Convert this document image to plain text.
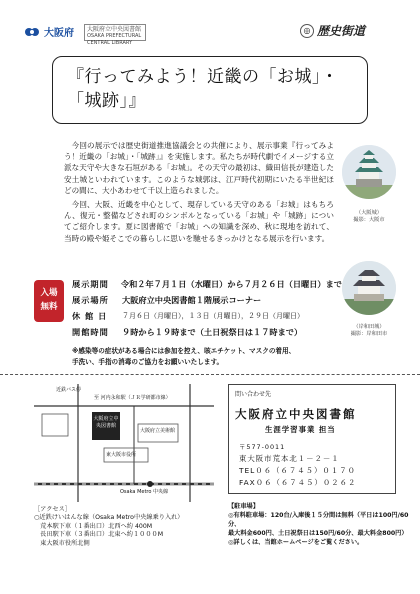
大阪府 大阪府立中央図書館
OSAKA PREFECTURAL CENTRAL LIBRARY
◎ 歴史街道
『行ってみよう！近畿の「お城」・
「城跡」』

今回の展示では歴史街道推進協議会との共催により、展示事業『行ってみよう！近畿の「お城」・「城跡」』を実施します。私たちが時代劇でイメージする立派な天守や大きな石垣がある「お城」。その天守の最初は、織田信長が建造した安土城といわれています。このような城郭は、江戸時代初期にいたる半世紀ほどの間に、大小あわせて千以上造られました。

今回、大阪、近畿を中心として、現存している天守のある「お城」はもちろん、復元・整備などされ町のシンボルとなっている「お城」や「城跡」についてご紹介します。夏に図書館で「お城」への知識を深め、秋に現地を訪れて、当時の殿や姫そこでの暮らしに思いを馳せるきっかけとなる展示を行います。

（大阪城）
撮影：大阪市
（岸和田城）
撮影：岸和田市
入場
無料
展示期間	令和２年７月１日（水曜日）から７月２６日（日曜日）まで
展示場所	大阪府立中央図書館１階展示コーナー
休 館 日	７月６日（月曜日），１３日（月曜日），２９日（月曜日）
開館時間	９時から１９時まで（土日祝祭日は１７時まで）
※感染等の症状がある場合には参加を控え、咳エチケット、マスクの着用、
手洗い、手指の消毒のご協力をお願いいたします。
近鉄バス停
至 河内永和駅（ＪＲ学研都市線）
大阪府立中央図書館
大阪府立美術館
東大阪市役所
Osaka Metro 中央線
［アクセス］
○近鉄けいはんな線（Osaka Metro中央線乗り入れ）
　荒本駅下車（１番出口）北西へ約 400M
　長田駅下車（３番出口）北東へ約１０００M
　東大阪市役所北側
問い合わせ先
大阪府立中央図書館
生涯学習事業 担当
〒577-0011
東大阪市荒本北１－２－１
TEL０６（６７４５）０１７０
FAX０６（６７４５）０２６２
【駐車場】
◎有料駐車場：120台/入庫後１５分間は無料（平日は100円/60分、
最大料金600円、土日祝祭日は150円/60分、最大料金800円）
◎詳しくは、当館ホームページをご覧ください。
